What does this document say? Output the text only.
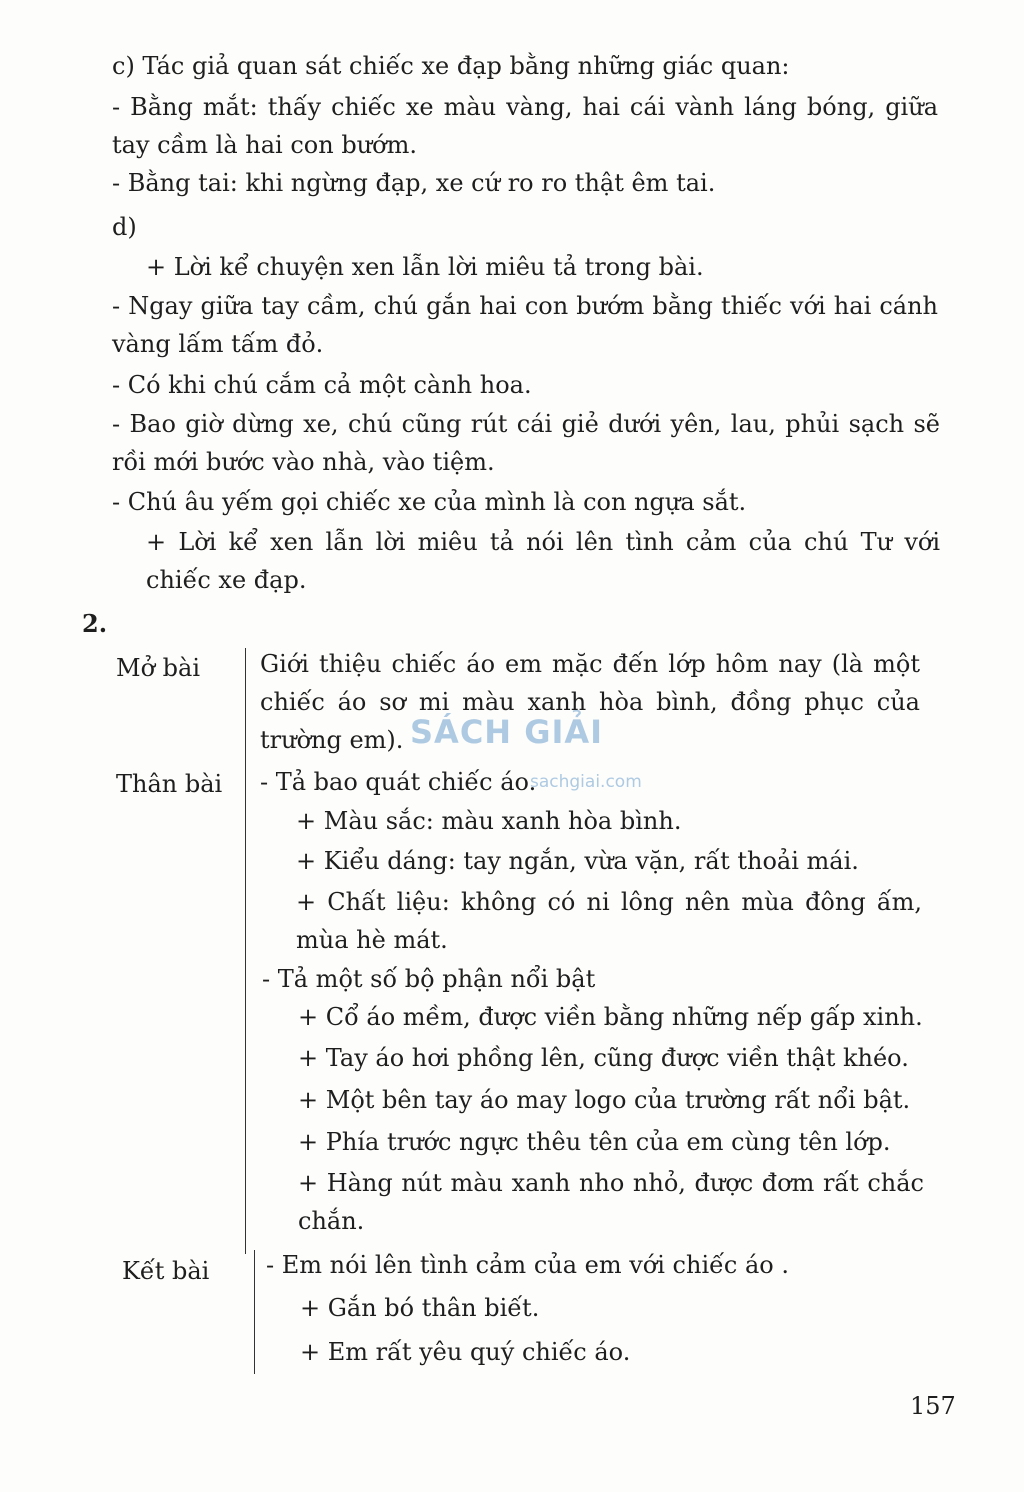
c) Tác giả quan sát chiếc xe đạp bằng những giác quan:
- Bằng mắt: thấy chiếc xe màu vàng, hai cái vành láng bóng, giữa tay cầm là hai con bướm.
- Bằng tai: khi ngừng đạp, xe cứ ro ro thật êm tai.
d)
+ Lời kể chuyện xen lẫn lời miêu tả trong bài.
- Ngay giữa tay cầm, chú gắn hai con bướm bằng thiếc với hai cánh vàng lấm tấm đỏ.
- Có khi chú cắm cả một cành hoa.
- Bao giờ dừng xe, chú cũng rút cái giẻ dưới yên, lau, phủi sạch sẽ rồi mới bước vào nhà, vào tiệm.
- Chú âu yếm gọi chiếc xe của mình là con ngựa sắt.
+ Lời kể xen lẫn lời miêu tả nói lên tình cảm của chú Tư với chiếc xe đạp.
2.
Mở bài	Giới thiệu chiếc áo em mặc đến lớp hôm nay (là một chiếc áo sơ mi màu xanh hòa bình, đồng phục của trường em).
Thân bài - Tả bao quát chiếc áo.
+ Màu sắc: màu xanh hòa bình.
+ Kiểu dáng: tay ngắn, vừa vặn, rất thoải mái.
+ Chất liệu: không có ni lông nên mùa đông ấm, mùa hè mát.
- Tả một số bộ phận nổi bật
+ Cổ áo mềm, được viền bằng những nếp gấp xinh.
+ Tay áo hơi phồng lên, cũng được viền thật khéo.
+ Một bên tay áo may logo của trường rất nổi bật.
+ Phía trước ngực thêu tên của em cùng tên lớp.
+ Hàng nút màu xanh nho nhỏ, được đơm rất chắc chắn.
Kết bài - Em nói lên tình cảm của em với chiếc áo .
+ Gắn bó thân biết.
+ Em rất yêu quý chiếc áo.
SÁCH GIẢI
sachgiai.com
157
